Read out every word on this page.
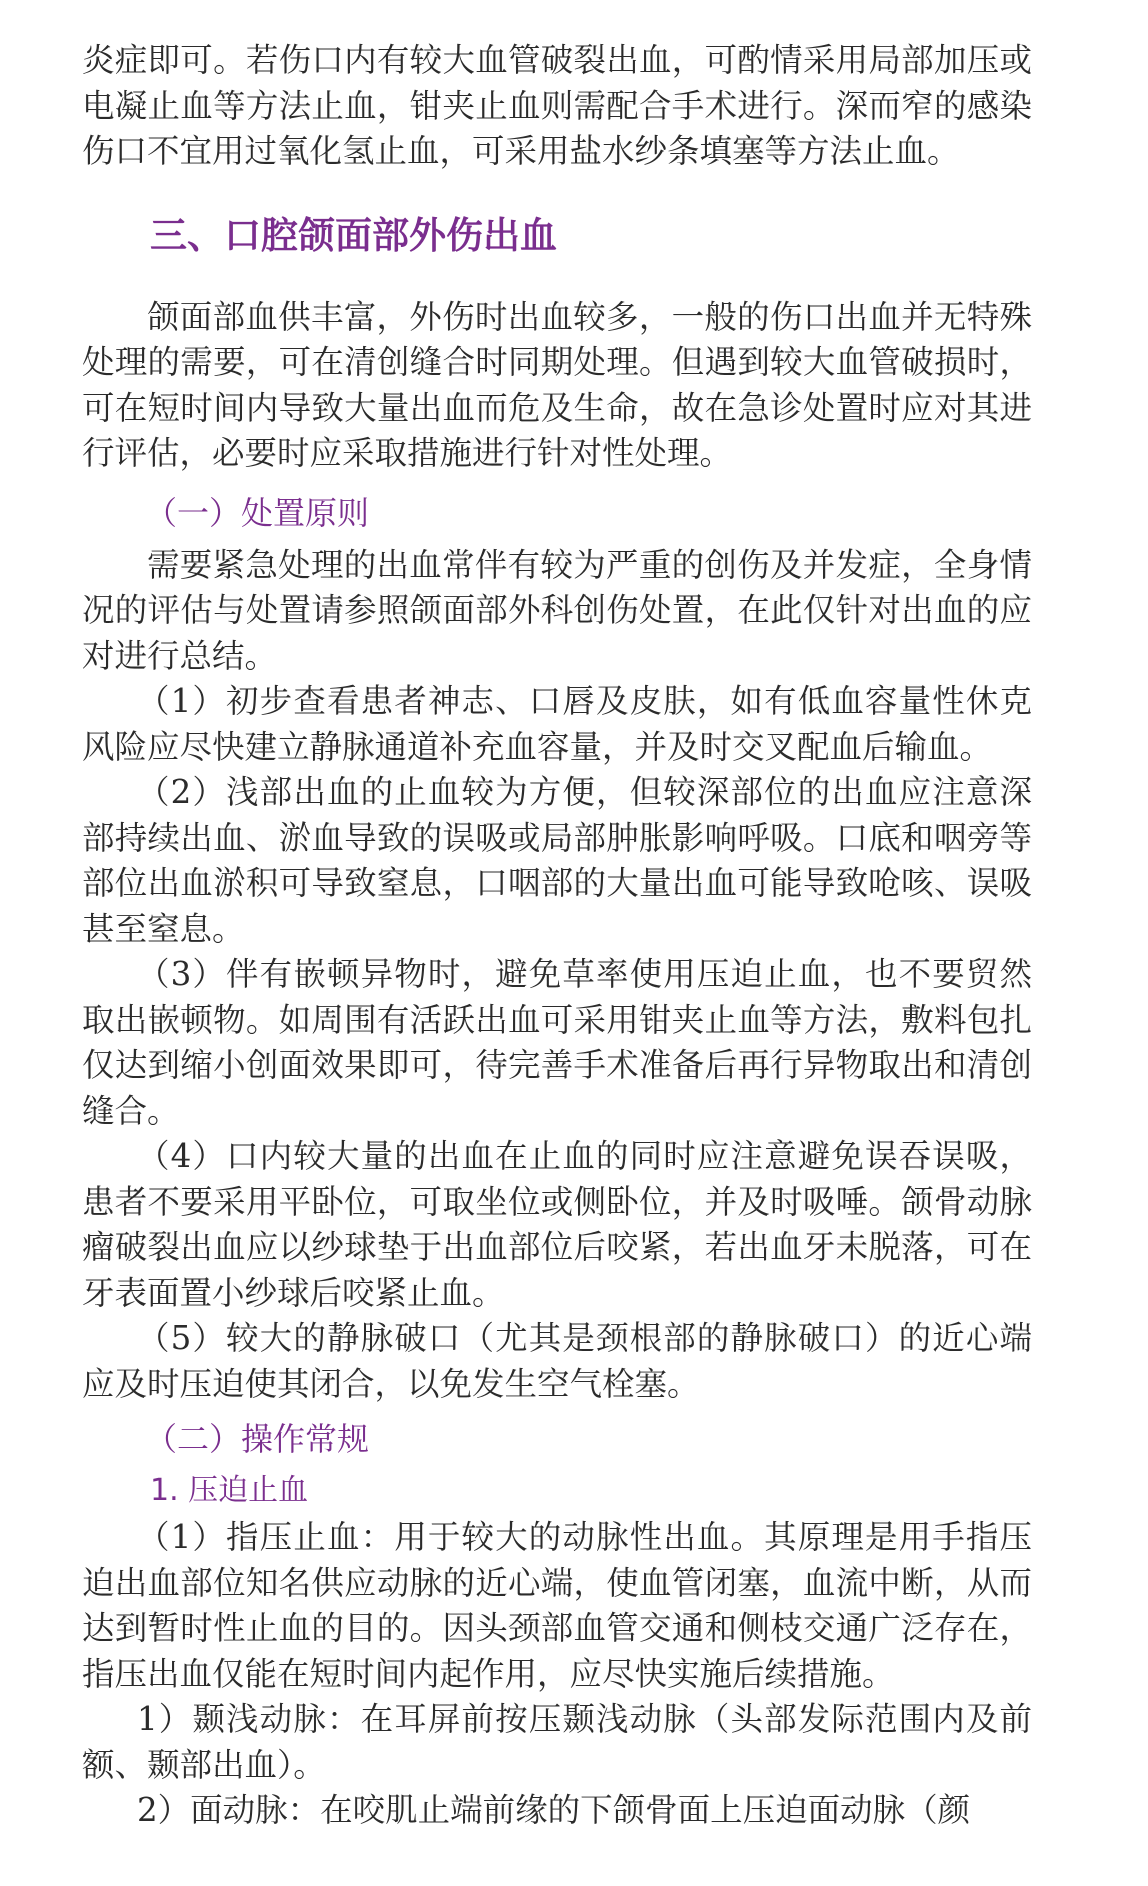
炎症即可。若伤口内有较大血管破裂出血，可酌情采用局部加压或电凝止血等方法止血，钳夹止血则需配合手术进行。深而窄的感染伤口不宜用过氧化氢止血，可采用盐水纱条填塞等方法止血。

三、口腔颌面部外伤出血

颌面部血供丰富，外伤时出血较多，一般的伤口出血并无特殊处理的需要，可在清创缝合时同期处理。但遇到较大血管破损时，可在短时间内导致大量出血而危及生命，故在急诊处置时应对其进行评估，必要时应采取措施进行针对性处理。

（一）处置原则

需要紧急处理的出血常伴有较为严重的创伤及并发症，全身情况的评估与处置请参照颌面部外科创伤处置，在此仅针对出血的应对进行总结。

（1）初步查看患者神志、口唇及皮肤，如有低血容量性休克风险应尽快建立静脉通道补充血容量，并及时交叉配血后输血。

（2）浅部出血的止血较为方便，但较深部位的出血应注意深部持续出血、淤血导致的误吸或局部肿胀影响呼吸。口底和咽旁等部位出血淤积可导致窒息，口咽部的大量出血可能导致呛咳、误吸甚至窒息。

（3）伴有嵌顿异物时，避免草率使用压迫止血，也不要贸然取出嵌顿物。如周围有活跃出血可采用钳夹止血等方法，敷料包扎仅达到缩小创面效果即可，待完善手术准备后再行异物取出和清创缝合。

（4）口内较大量的出血在止血的同时应注意避免误吞误吸，患者不要采用平卧位，可取坐位或侧卧位，并及时吸唾。颌骨动脉瘤破裂出血应以纱球垫于出血部位后咬紧，若出血牙未脱落，可在牙表面置小纱球后咬紧止血。

（5）较大的静脉破口（尤其是颈根部的静脉破口）的近心端应及时压迫使其闭合，以免发生空气栓塞。

（二）操作常规
1. 压迫止血

（1）指压止血：用于较大的动脉性出血。其原理是用手指压迫出血部位知名供应动脉的近心端，使血管闭塞，血流中断，从而达到暂时性止血的目的。因头颈部血管交通和侧枝交通广泛存在，指压出血仅能在短时间内起作用，应尽快实施后续措施。

1）颞浅动脉：在耳屏前按压颞浅动脉（头部发际范围内及前额、颞部出血）。

2）面动脉：在咬肌止端前缘的下颌骨面上压迫面动脉（颜
